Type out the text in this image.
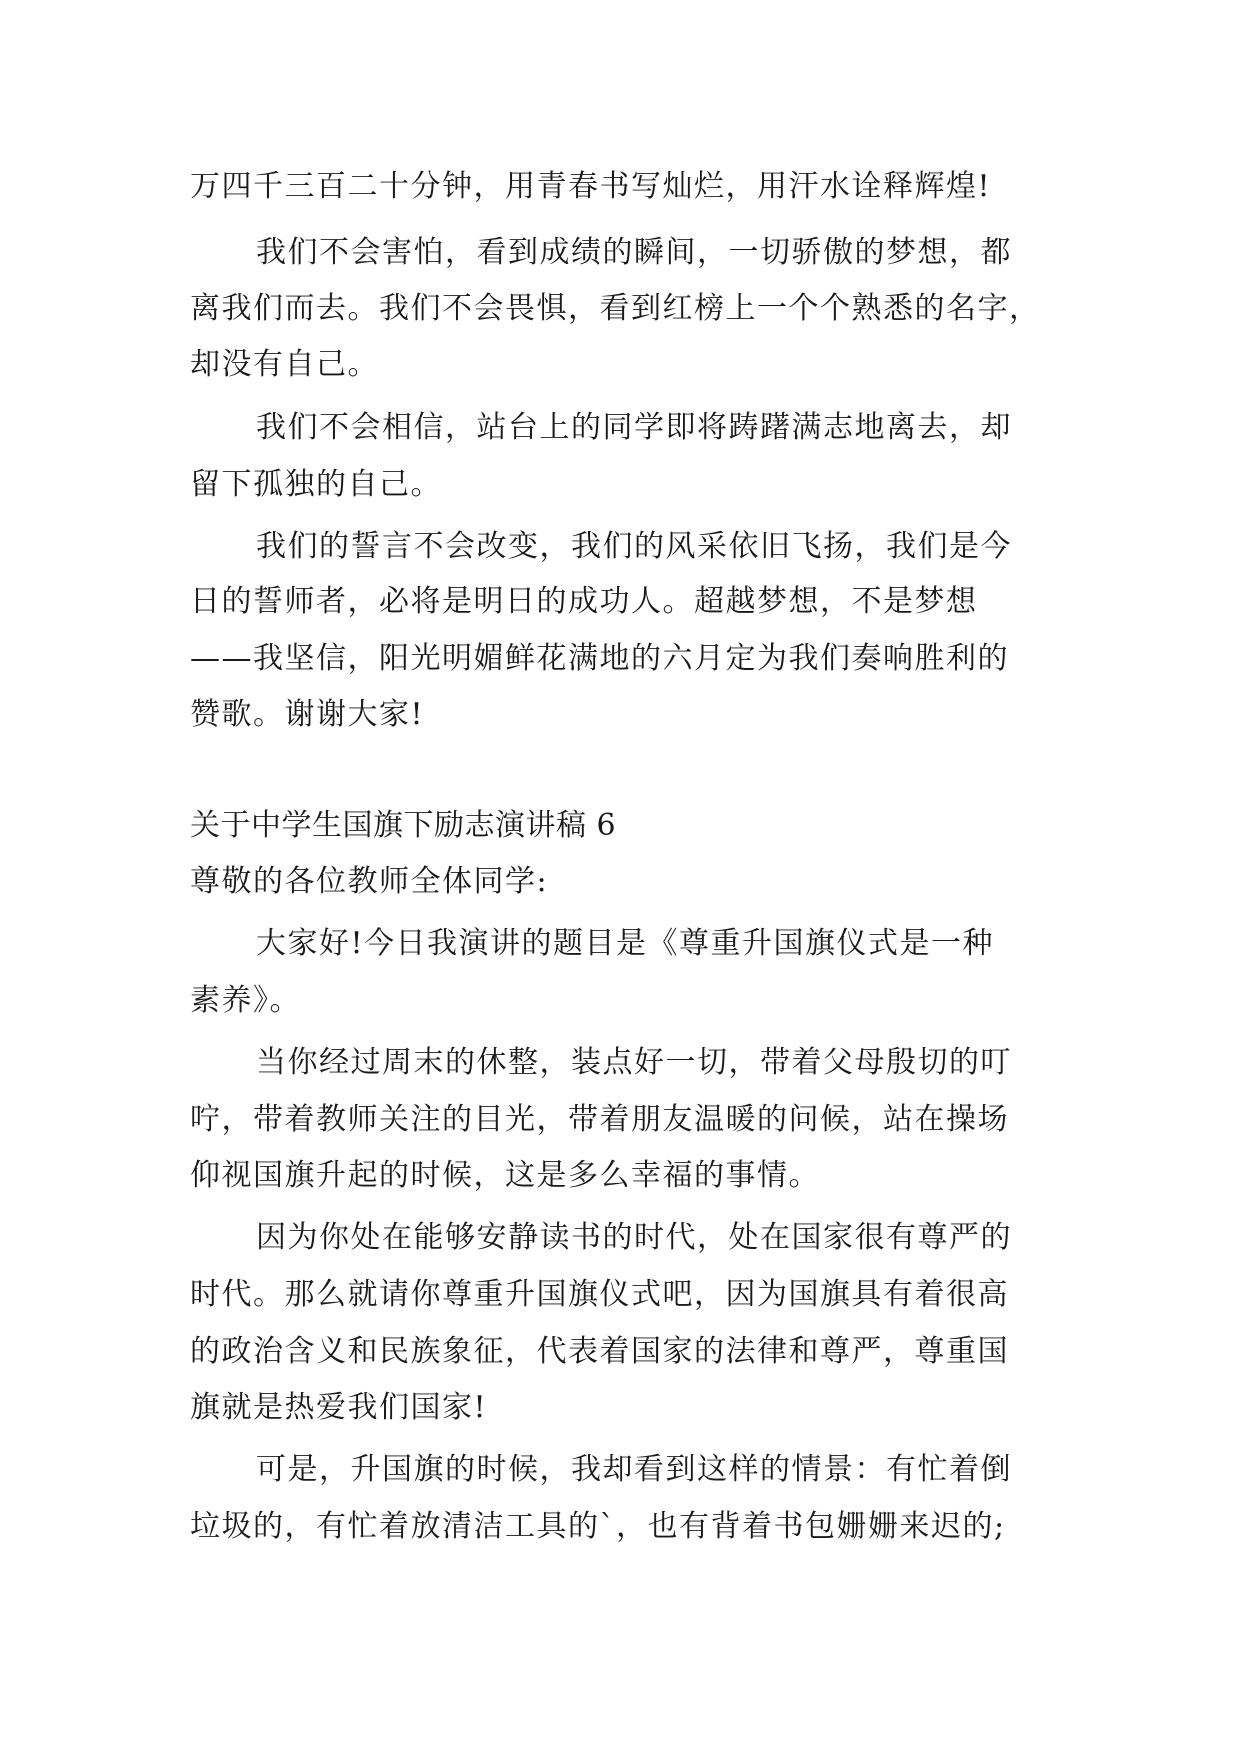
万四千三百二十分钟，用青春书写灿烂，用汗水诠释辉煌!
我们不会害怕，看到成绩的瞬间，一切骄傲的梦想，都
离我们而去。我们不会畏惧，看到红榜上一个个熟悉的名字，
却没有自己。
我们不会相信，站台上的同学即将踌躇满志地离去，却
留下孤独的自己。
我们的誓言不会改变，我们的风采依旧飞扬，我们是今
日的誓师者，必将是明日的成功人。超越梦想，不是梦想
——我坚信，阳光明媚鲜花满地的六月定为我们奏响胜利的
赞歌。谢谢大家!
关于中学生国旗下励志演讲稿 6
尊敬的各位教师全体同学:
大家好!今日我演讲的题目是《尊重升国旗仪式是一种
素养》。
当你经过周末的休整，装点好一切，带着父母殷切的叮
咛，带着教师关注的目光，带着朋友温暖的问候，站在操场
仰视国旗升起的时候，这是多么幸福的事情。
因为你处在能够安静读书的时代，处在国家很有尊严的
时代。那么就请你尊重升国旗仪式吧，因为国旗具有着很高
的政治含义和民族象征，代表着国家的法律和尊严，尊重国
旗就是热爱我们国家!
可是，升国旗的时候，我却看到这样的情景：有忙着倒
垃圾的，有忙着放清洁工具的`，也有背着书包姗姗来迟的;
